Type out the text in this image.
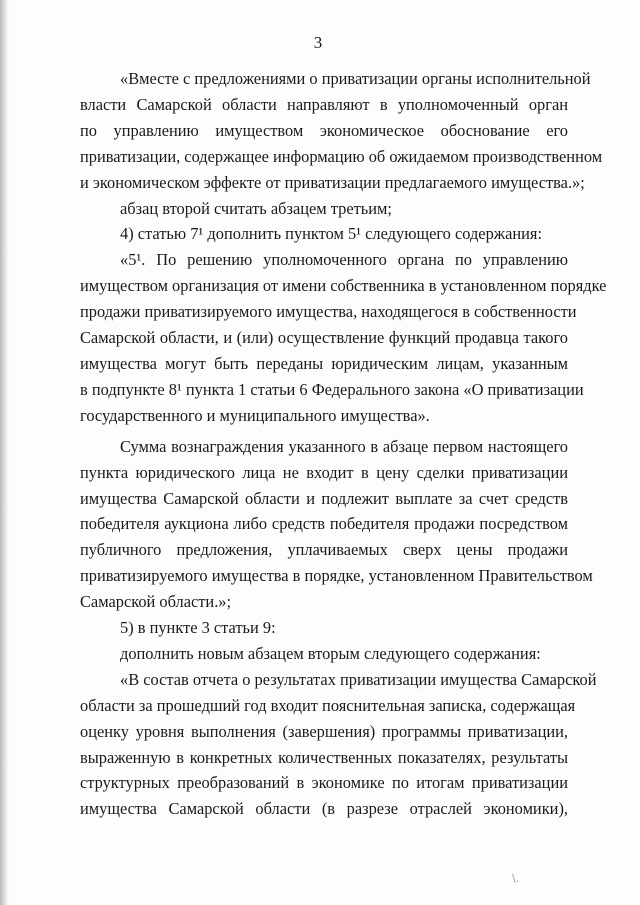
3
«Вместе с предложениями о приватизации органы исполнительной
власти Самарской области направляют в уполномоченный орган
по управлению имуществом экономическое обоснование его
приватизации, содержащее информацию об ожидаемом производственном
и экономическом эффекте от приватизации предлагаемого имущества.»;
абзац второй считать абзацем третьим;
4) статью 7¹ дополнить пунктом 5¹ следующего содержания:
«5¹. По решению уполномоченного органа по управлению
имуществом организация от имени собственника в установленном порядке
продажи приватизируемого имущества, находящегося в собственности
Самарской области, и (или) осуществление функций продавца такого
имущества могут быть переданы юридическим лицам, указанным
в подпункте 8¹ пункта 1 статьи 6 Федерального закона «О приватизации
государственного и муниципального имущества».
Сумма вознаграждения указанного в абзаце первом настоящего
пункта юридического лица не входит в цену сделки приватизации
имущества Самарской области и подлежит выплате за счет средств
победителя аукциона либо средств победителя продажи посредством
публичного предложения, уплачиваемых сверх цены продажи
приватизируемого имущества в порядке, установленном Правительством
Самарской области.»;
5) в пункте 3 статьи 9:
дополнить новым абзацем вторым следующего содержания:
«В состав отчета о результатах приватизации имущества Самарской
области за прошедший год входит пояснительная записка, содержащая
оценку уровня выполнения (завершения) программы приватизации,
выраженную в конкретных количественных показателях, результаты
структурных преобразований в экономике по итогам приватизации
имущества Самарской области (в разрезе отраслей экономики),
\.
